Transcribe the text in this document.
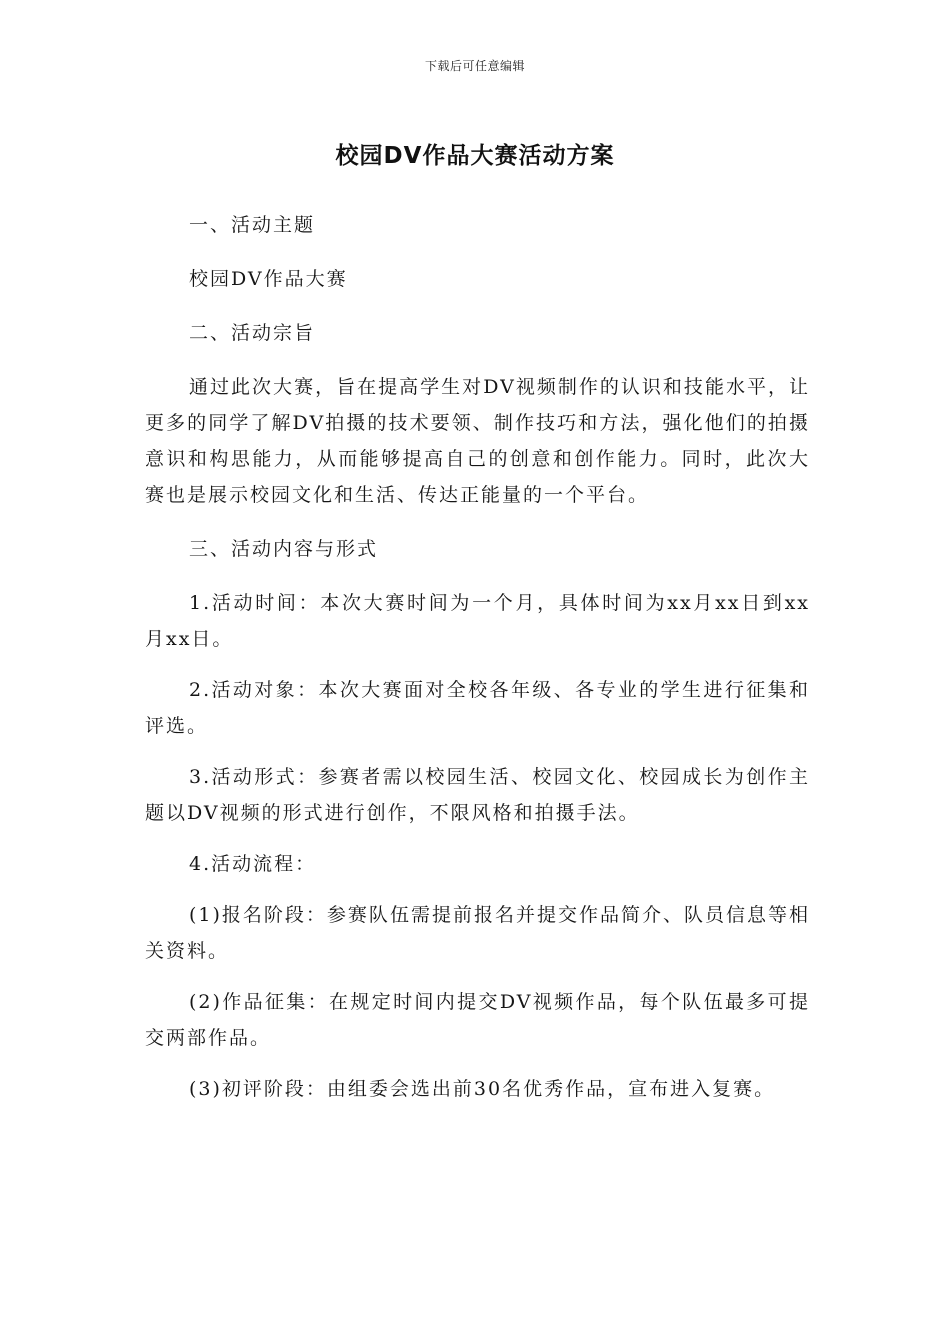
下载后可任意编辑
校园DV作品大赛活动方案

一、活动主题

校园DV作品大赛

二、活动宗旨

通过此次大赛，旨在提高学生对DV视频制作的认识和技能水平，让更多的同学了解DV拍摄的技术要领、制作技巧和方法，强化他们的拍摄意识和构思能力，从而能够提高自己的创意和创作能力。同时，此次大赛也是展示校园文化和生活、传达正能量的一个平台。

三、活动内容与形式

1.活动时间：本次大赛时间为一个月，具体时间为xx月xx日到xx月xx日。

2.活动对象：本次大赛面对全校各年级、各专业的学生进行征集和评选。

3.活动形式：参赛者需以校园生活、校园文化、校园成长为创作主题以DV视频的形式进行创作，不限风格和拍摄手法。

4.活动流程：

(1)报名阶段：参赛队伍需提前报名并提交作品简介、队员信息等相关资料。

(2)作品征集：在规定时间内提交DV视频作品，每个队伍最多可提交两部作品。

(3)初评阶段：由组委会选出前30名优秀作品，宣布进入复赛。
